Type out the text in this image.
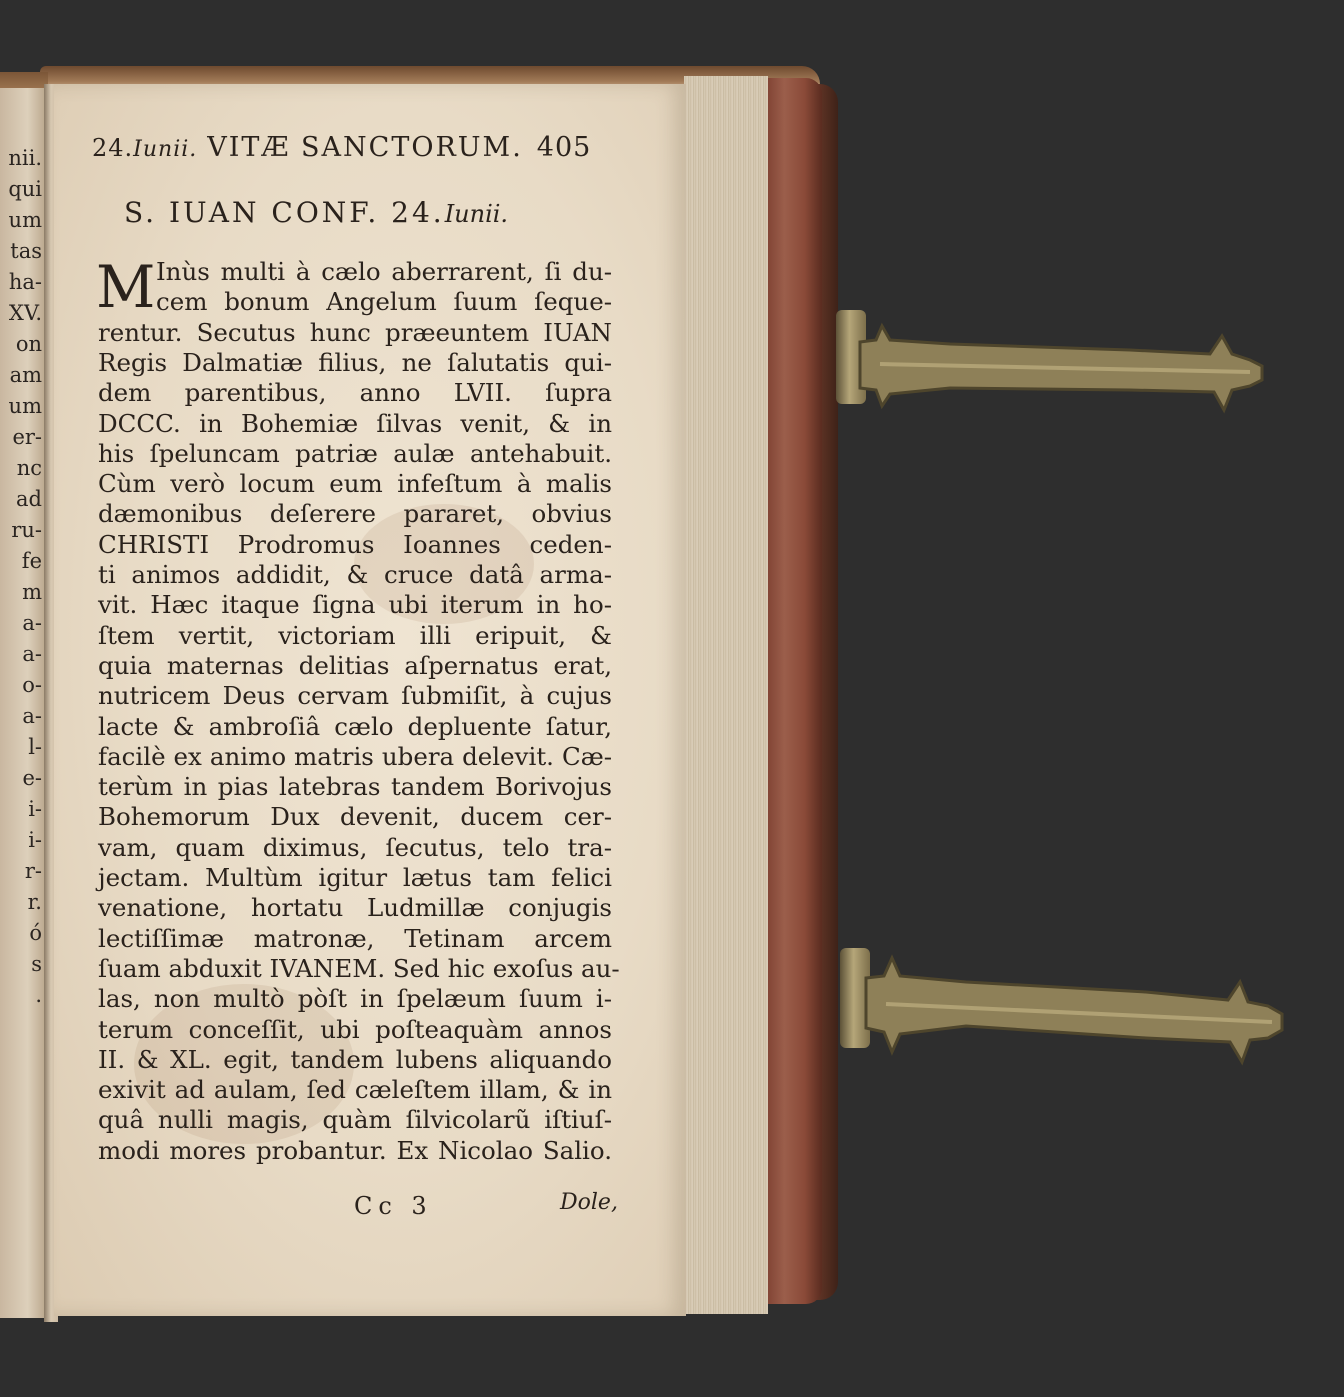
nii.
qui
um
tas
ha-
XV.
on
am
um
er-
nc
ad
ru-
fe
m
a-
a-
o-
a-
l-
e-
i-
i-
r-
r.
ó
s
.
24.Iunii. VITÆ SANCTORUM. 405
S. IUAN CONF. 24.Iunii.
M Inùs multi à cælo aberrarent, ſi du-
cem bonum Angelum ſuum ſeque-
rentur. Secutus hunc præeuntem IUAN
Regis Dalmatiæ filius, ne ſalutatis qui-
dem parentibus, anno LVII. ſupra
DCCC. in Bohemiæ ſilvas venit, & in
his ſpeluncam patriæ aulæ antehabuit.
Cùm verò locum eum infeſtum à malis
dæmonibus deſerere pararet, obvius
CHRISTI Prodromus Ioannes ceden-
ti animos addidit, & cruce datâ arma-
vit. Hæc itaque ſigna ubi iterum in ho-
ſtem vertit, victoriam illi eripuit, &
quia maternas delitias aſpernatus erat,
nutricem Deus cervam ſubmiſit, à cujus
lacte & ambroſiâ cælo depluente ſatur,
facilè ex animo matris ubera delevit. Cæ-
terùm in pias latebras tandem Borivojus
Bohemorum Dux devenit, ducem cer-
vam, quam diximus, ſecutus, telo tra-
jectam. Multùm igitur lætus tam felici
venatione, hortatu Ludmillæ conjugis
lectiſſimæ matronæ, Tetinam arcem
ſuam abduxit IVANEM. Sed hic exoſus au-
las, non multò pòſt in ſpelæum ſuum i-
terum conceſſit, ubi poſteaquàm annos
II. & XL. egit, tandem lubens aliquando
exivit ad aulam, ſed cæleſtem illam, & in
quâ nulli magis, quàm ſilvicolarũ iſtiuſ-
modi mores probantur. Ex Nicolao Salio.
Cc 3	Dole,
